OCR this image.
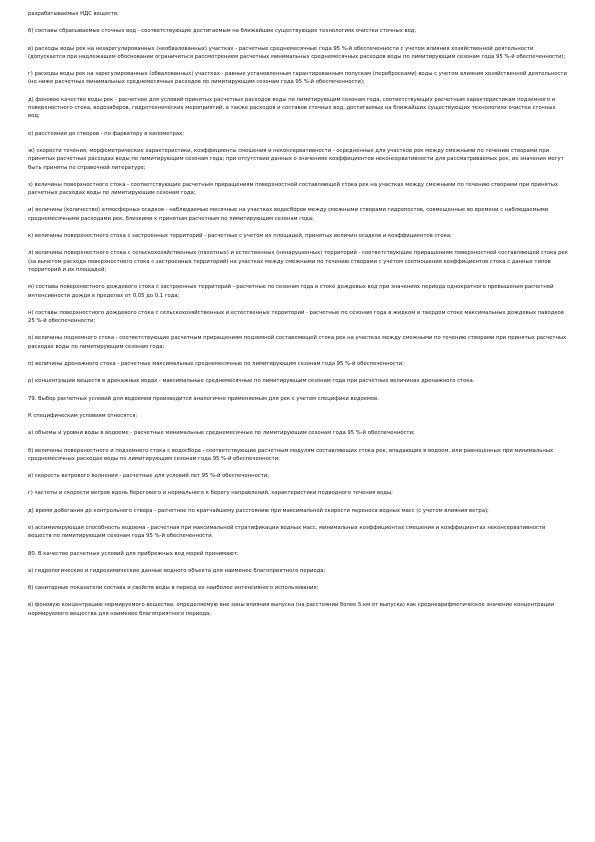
разрабатываемых НДС веществ;

б) составы сбрасываемых сточных вод - соответствующие достигаемым на ближайших существующих технологиях очистки сточных вод;

в) расходы воды рек на незарегулированных (необвалованных) участках - расчетные среднемесячные года 95 %-й обеспеченности с учетом влияния хозяйственной деятельности (допускается при надлежащем обосновании ограничиться рассмотрением расчетных минимальных среднемесячных расходов воды по лимитирующим сезонам года 95 %-й обеспеченности);

г) расходы воды рек на зарегулированных (обвалованных) участках - равные установленным гарантированным попускам (перебросками) воды с учетом влияния хозяйственной деятельности (но ниже расчетных минимальных среднемесячных расходов по лимитирующим сезонам года 95 %-й обеспеченности);

д) фоновое качество воды рек - расчетное для условий принятых расчетных расходов воды по лимитирующим сезонам года, соответствующих расчетным характеристикам подземного и поверхностного стока, водозаборов, гидротехнических мероприятий, а также расходов и составов сточных вод, достигаемых на ближайших существующих технологиях очистки сточных вод;

е) расстояния до створов - по фарватеру в километрах;

ж) скорости течения, морфометрические характеристики, коэффициенты смешения и неконсервативности - осредненные для участков рек между смежными по течению створами при принятых расчетных расходах воды по лимитирующим сезонам года; при отсутствии данных о значениях коэффициентов неконсервативности для рассматриваемых рек, их значения могут быть приняты по справочной литературе;

з) величины поверхностного стока - соответствующие расчетным приращениям поверхностной составляющей стока рек на участках между смежными по течению створами при принятых расчетных расходах воды по лимитирующим сезонам года;

и) величины (количество) атмосферных осадков - наблюдаемые месячные на участках водосборов между смежными створами гидропостов, совмещенные во времени с наблюдаемыми среднемесячными расходами рек, близкими к принятым расчетным по лимитирующим сезонам года;

к) величины поверхностного стока с застроенных территорий - расчетные с учетом их площадей, принятых величин осадков и коэффициентов стока;

л) величины поверхностного стока с сельскохозяйственных (пахотных) и естественных (ненарушенных) территорий - соответствующие приращениям поверхностной составляющей стока рек (за вычетом расхода поверхностного стока с застроенных территорий) на участках между смежными по течению створами с учетом соотношения коэффициентов стока с данных типов территорий и их площадей;

м) составы поверхностного дождевого стока с застроенных территорий - расчетные по сезонам года в стоке дождевых вод при значениях периода однократного превышения расчетной интенсивности дождя в пределах от 0,05 до 0,1 года;

н) составы поверхностного дождевого стока с сельскохозяйственных и естественных территорий - расчетные по сезонам года в жидком и твердом стоке максимальных дождевых паводков 25 %-й обеспеченности;

о) величины подземного стока - соответствующие расчетным приращениям подземной составляющей стока рек на участках между смежными по течению створами при принятых расчетных расходах воды по лимитирующим сезонам года;

п) величины дренажного стока - расчетные максимальные среднемесячные по лимитирующим сезонам года 95 %-й обеспеченности;

р) концентрации веществ в дренажных водах - максимальные среднемесячные по лимитирующим сезонам года при расчетных величинах дренажного стока.

79. Выбор расчетных условий для водоемов производится аналогично применяемым для рек с учетом специфики водоемов.

К специфическим условиям относятся:

а) объемы и уровни воды в водоеме - расчетные минимальные среднемесячные по лимитирующим сезонам года 95 %-й обеспеченности;

б) величины поверхностного и подземного стока с водосбора - соответствующие расчетным модулям составляющих стока рек, впадающих в водоем, или равноценных при минимальных среднемесячных расходах воды по лимитирующим сезонам года 95 %-й обеспеченности;

в) скорость ветрового волнения - расчетные для условий лет 95 %-й обеспеченности;

г) частоты и скорости ветров вдоль берегового и нормального к берегу направлений, характеристики подводного течения воды;

д) время добегания до контрольного створа - расчетное по кратчайшему расстоянию при максимальной скорости переноса водных масс (с учетом влияния ветра);

е) ассимилирующая способность водоема - расчетная при максимальной стратификации водных масс, минимальных коэффициентах смешения и коэффициентах неконсервативности веществ по лимитирующим сезонам года 95 %-й обеспеченности.

80. В качестве расчетных условий для прибрежных вод морей принимают:

а) гидрологические и гидрохимические данные водного объекта для наименее благоприятного периода;

б) санитарные показатели состава и свойств воды в период ее наиболее интенсивного использования;

в) фоновую концентрацию нормируемого вещества, определяемую вне зоны влияния выпуска (на расстоянии более 5 км от выпуска) как среднеарифметическое значение концентрации нормируемого вещества для наименее благоприятного периода;
